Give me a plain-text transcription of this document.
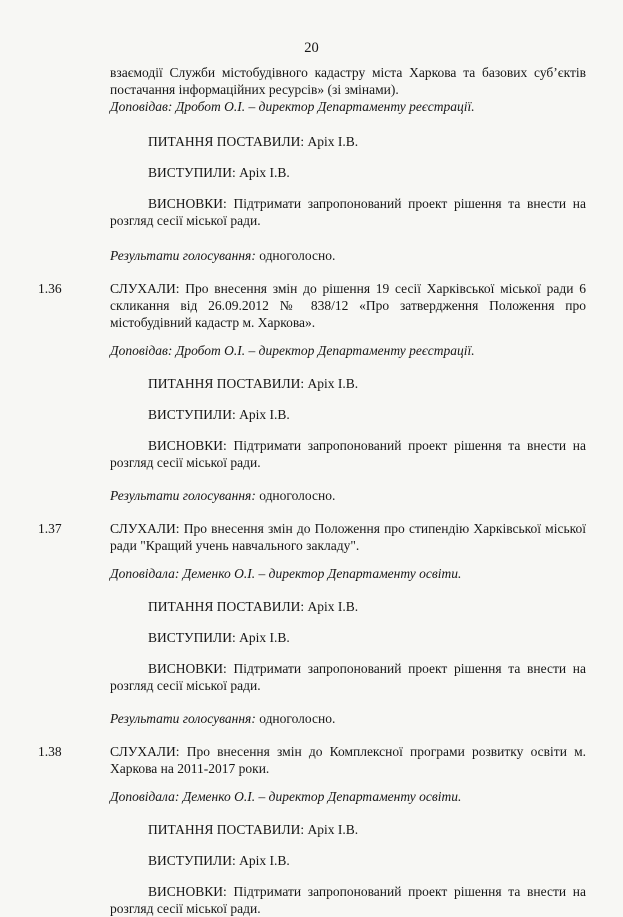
20

взаємодії Служби містобудівного кадастру міста Харкова та базових суб’єктів постачання інформаційних ресурсів» (зі змінами).

Доповідав: Дробот О.І. – директор Департаменту реєстрації.

ПИТАННЯ ПОСТАВИЛИ: Аріх І.В.

ВИСТУПИЛИ: Аріх І.В.

ВИСНОВКИ: Підтримати запропонований проект рішення та внести на розгляд сесії міської ради.

Результати голосування: одноголосно.

1.36	СЛУХАЛИ: Про внесення змін до рішення 19 сесії Харківської міської ради 6 скликання від 26.09.2012 № 838/12 «Про затвердження Положення про містобудівний кадастр м. Харкова».

Доповідав: Дробот О.І. – директор Департаменту реєстрації.

ПИТАННЯ ПОСТАВИЛИ: Аріх І.В.

ВИСТУПИЛИ: Аріх І.В.

ВИСНОВКИ: Підтримати запропонований проект рішення та внести на розгляд сесії міської ради.

Результати голосування: одноголосно.

1.37	СЛУХАЛИ: Про внесення змін до Положення про стипендію Харківської міської ради "Кращий учень навчального закладу".

Доповідала: Деменко О.І. – директор Департаменту освіти.

ПИТАННЯ ПОСТАВИЛИ: Аріх І.В.

ВИСТУПИЛИ: Аріх І.В.

ВИСНОВКИ: Підтримати запропонований проект рішення та внести на розгляд сесії міської ради.

Результати голосування: одноголосно.

1.38	СЛУХАЛИ: Про внесення змін до Комплексної програми розвитку освіти м. Харкова на 2011-2017 роки.

Доповідала: Деменко О.І. – директор Департаменту освіти.

ПИТАННЯ ПОСТАВИЛИ: Аріх І.В.

ВИСТУПИЛИ: Аріх І.В.

ВИСНОВКИ: Підтримати запропонований проект рішення та внести на розгляд сесії міської ради.
